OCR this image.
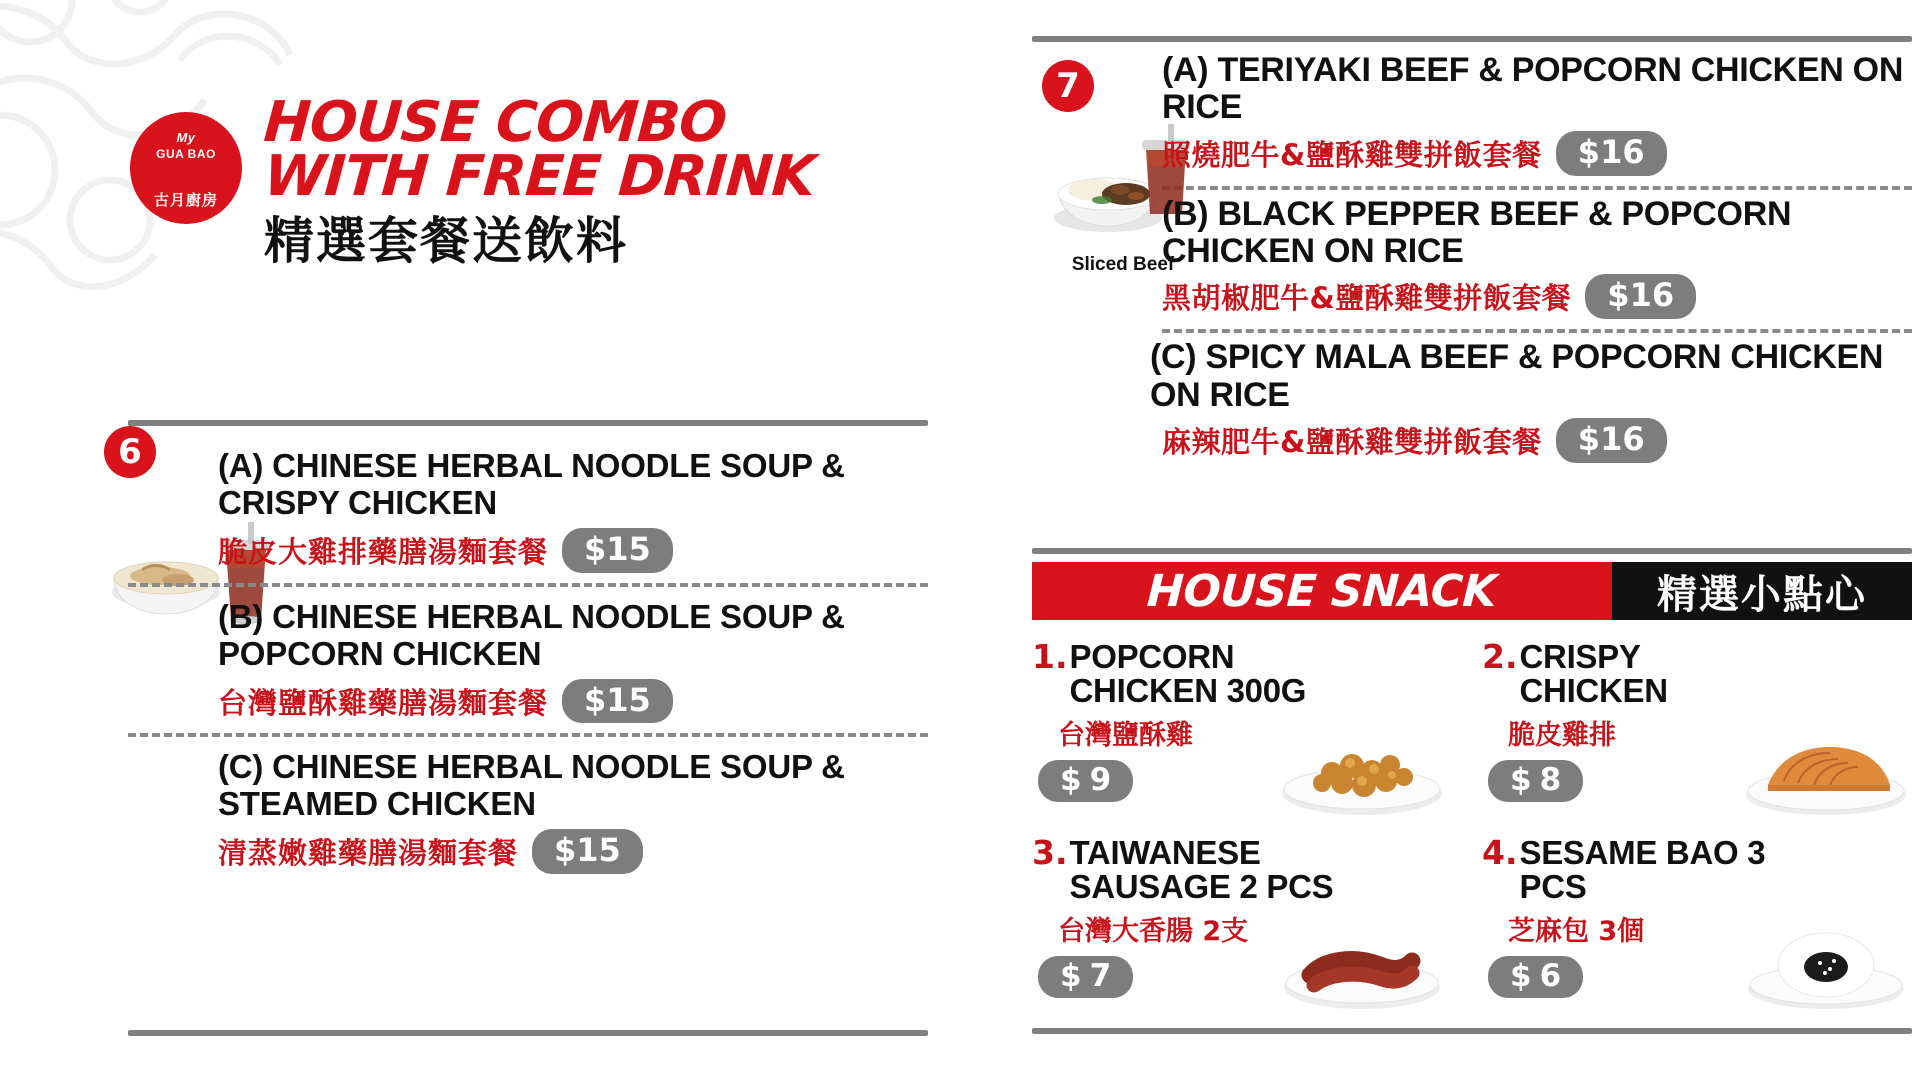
My
GUA BAO
古月廚房
HOUSE COMBO
WITH FREE DRINK
精選套餐送飲料
6	(A) CHINESE HERBAL NOODLE SOUP & CRISPY CHICKEN
脆皮大雞排藥膳湯麵套餐	$15
(B) CHINESE HERBAL NOODLE SOUP & POPCORN CHICKEN
台灣鹽酥雞藥膳湯麵套餐	$15
(C) CHINESE HERBAL NOODLE SOUP & STEAMED CHICKEN
清蒸嫩雞藥膳湯麵套餐	$15
7
Sliced Beef
(A) TERIYAKI BEEF & POPCORN CHICKEN ON RICE
照燒肥牛&鹽酥雞雙拼飯套餐	$16
(B) BLACK PEPPER BEEF & POPCORN CHICKEN ON RICE
黑胡椒肥牛&鹽酥雞雙拼飯套餐	$16
(C) SPICY MALA BEEF & POPCORN CHICKEN ON RICE
麻辣肥牛&鹽酥雞雙拼飯套餐	$16
HOUSE SNACK	精選小點心
1. POPCORN CHICKEN 300G
台灣鹽酥雞
$ 9
2. CRISPY CHICKEN
脆皮雞排
$ 8
3. TAIWANESE SAUSAGE 2 PCS
台灣大香腸 2支
$ 7
4. SESAME BAO 3 PCS
芝麻包 3個
$ 6
